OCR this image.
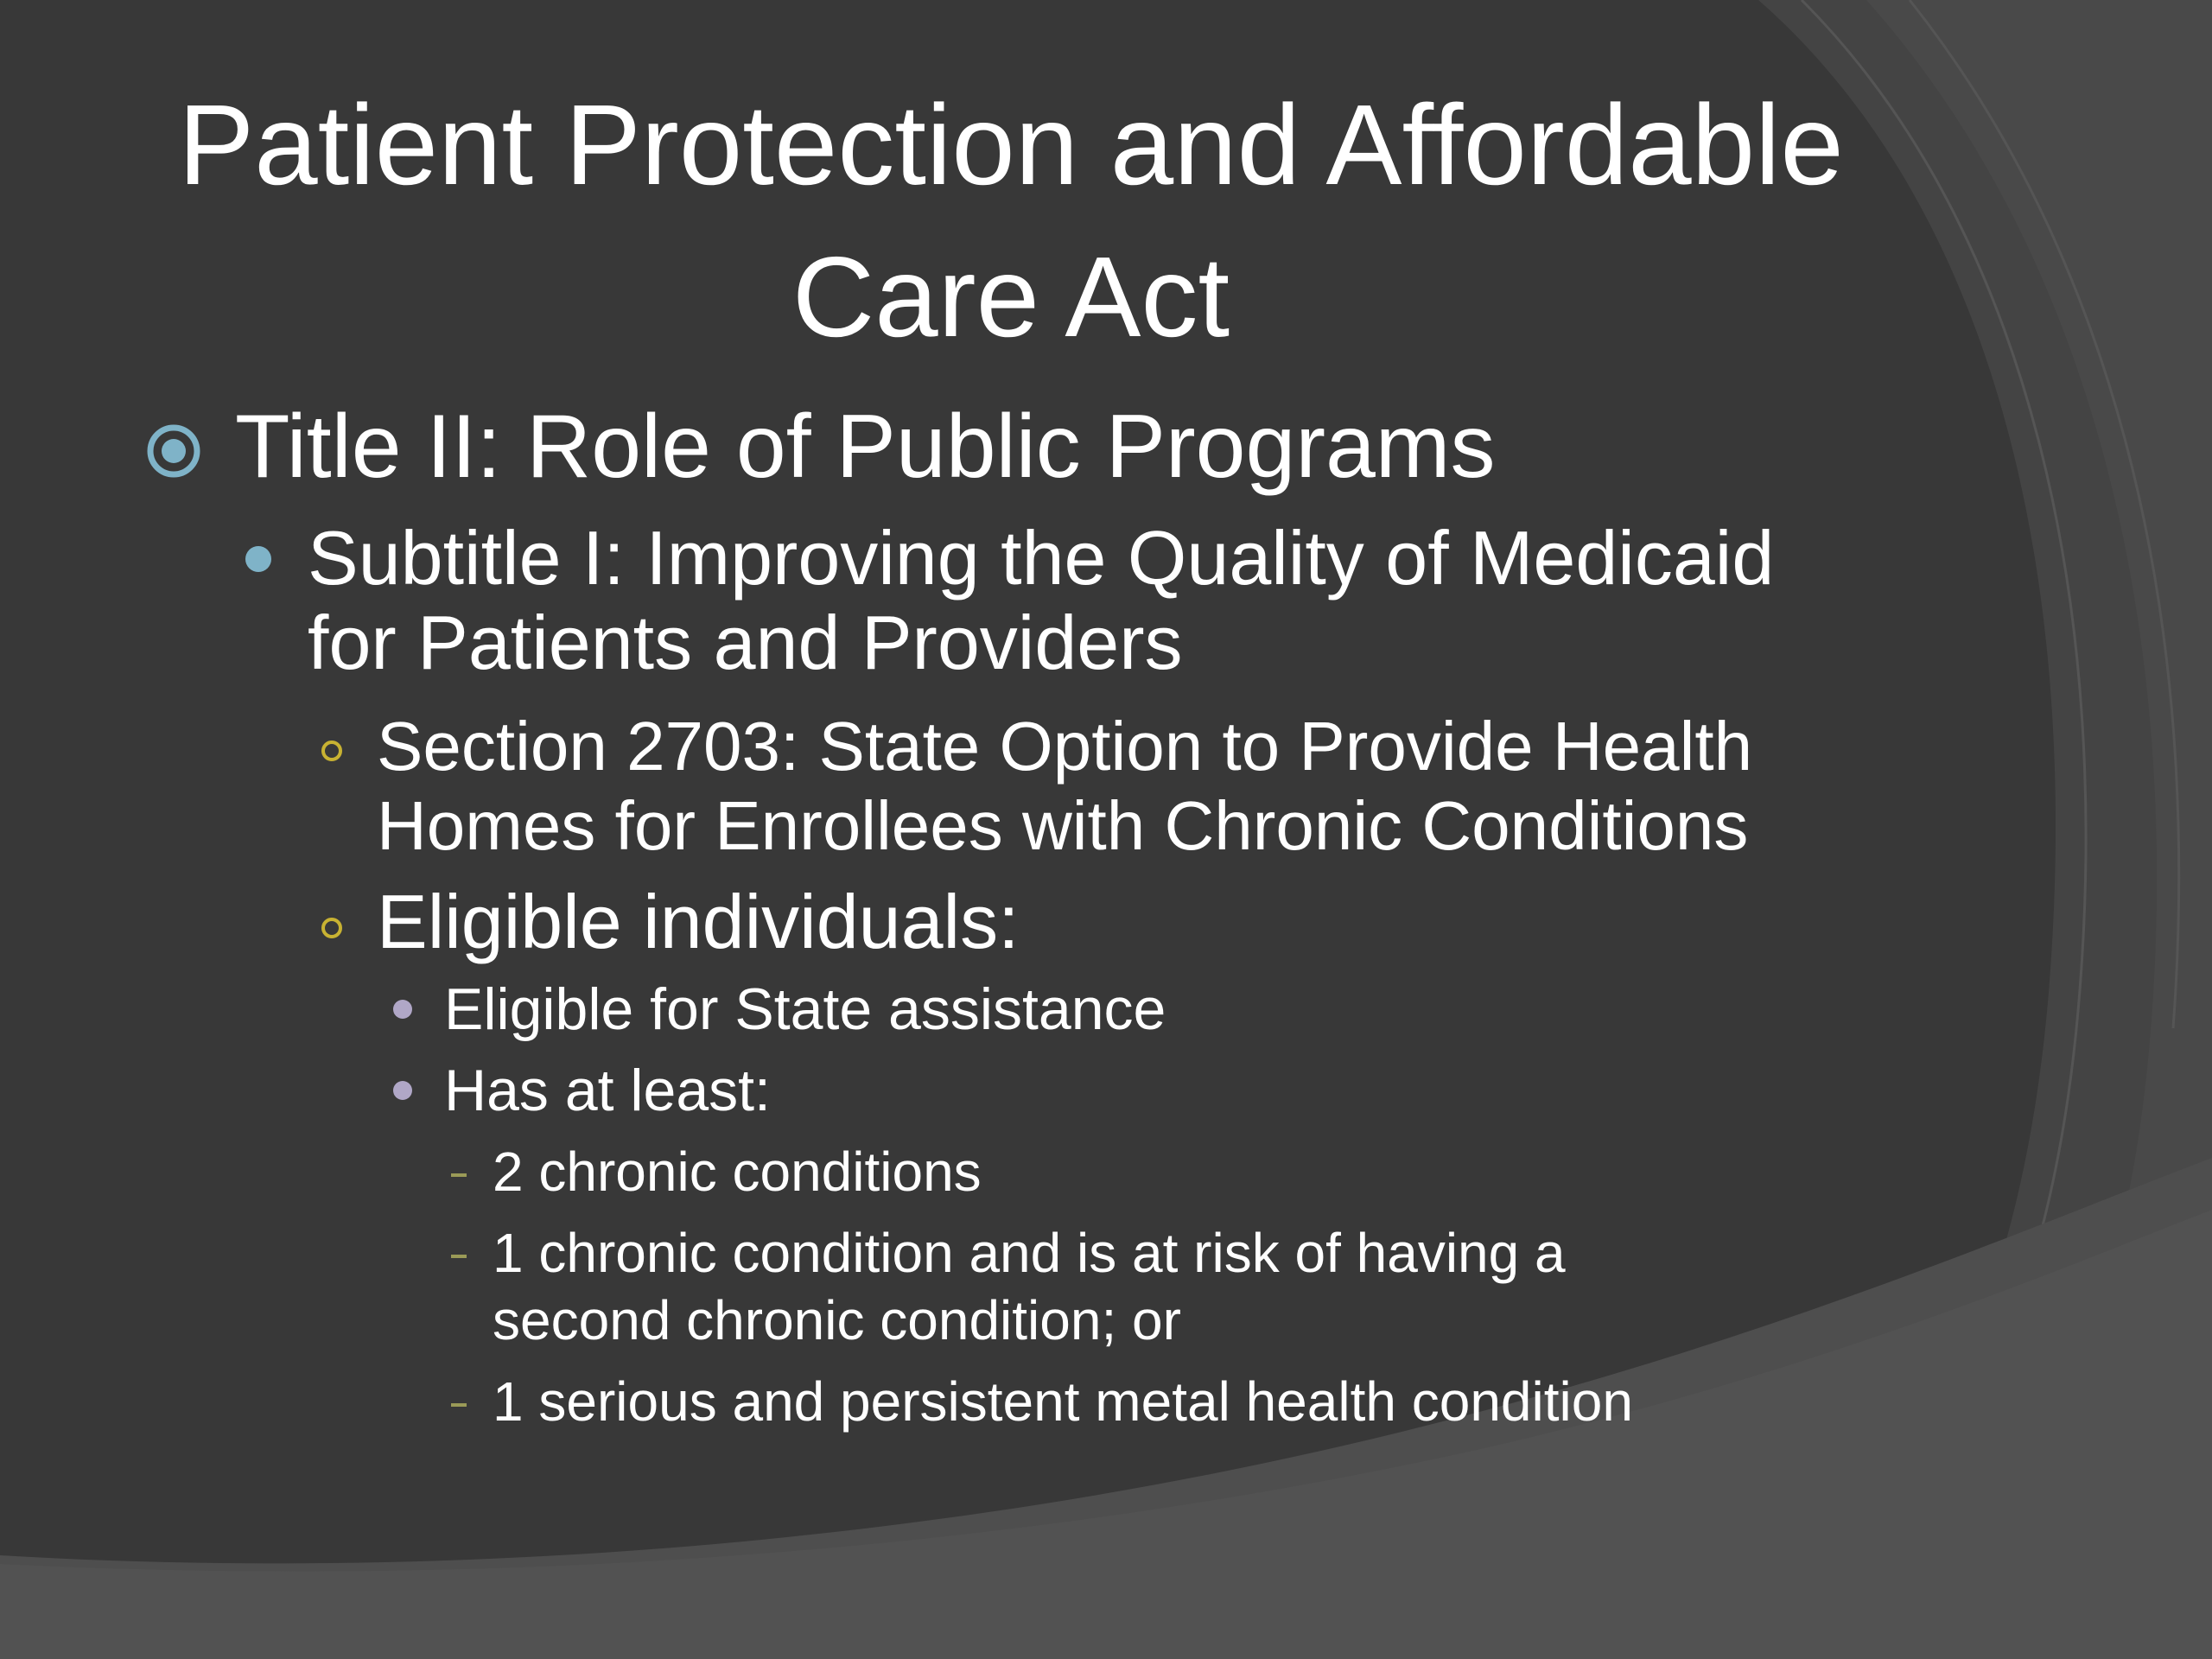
Patient Protection and Affordable
Care Act
Title II: Role of Public Programs
Subtitle I: Improving the Quality of Medicaid
for Patients and Providers
Section 2703: State Option to Provide Health
Homes for Enrollees with Chronic Conditions
Eligible individuals:
Eligible for State assistance
Has at least:
2 chronic conditions
1 chronic condition and is at risk of having a
second chronic condition; or
1 serious and persistent metal health condition
